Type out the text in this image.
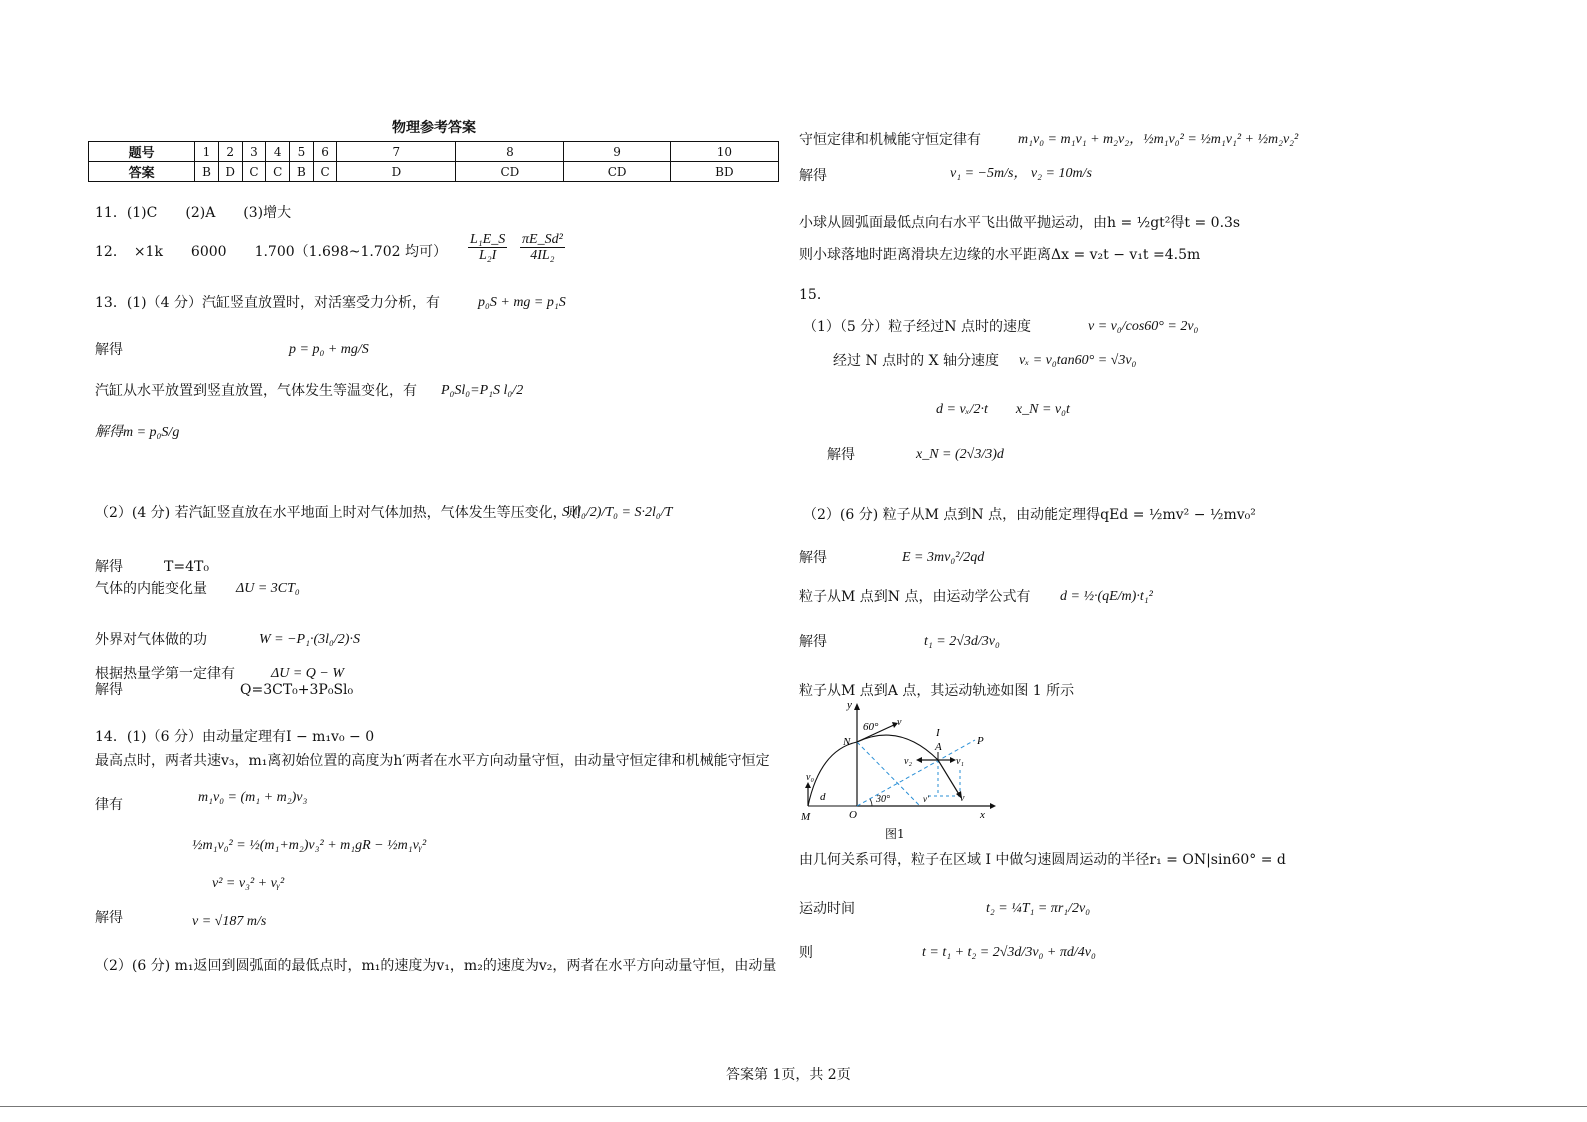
物理参考答案
题号	1	2	3	4	5	6	7	8	9	10
答案	B	D	C	C	B	C	D	CD	CD	BD
11．(1)C　　(2)A　　(3)增大
12．　×1k　　6000　　1.700（1.698~1.702 均可） $\frac{\text{L₁E\_S}}{\text{L₂I}} \frac{\text{πE\_Sd²}}{\text{4IL₂}}$
13．(1)（4 分）汽缸竖直放置时，对活塞受力分析，有	p₀S + mg = p₁S
解得	p = p₀ + mg/S
汽缸从水平放置到竖直放置，气体发生等温变化，有 P₀Sl₀=P₁S l₀/2
解得m = p₀S/g
（2）(4 分) 若汽缸竖直放在水平地面上时对气体加热，气体发生等压变化，则
S·(l₀/2)/T₀ = S·2l₀/T
解得	T=4T₀
气体的内能变化量 ΔU = 3CT₀
外界对气体做的功	W = −P₁·(3l₀/2)·S
根据热量学第一定律有	ΔU = Q − W
解得	Q=3CT₀+3P₀Sl₀
14．(1)（6 分）由动量定理有I − m₁v₀ − 0
最高点时，两者共速v₃，m₁离初始位置的高度为h′两者在水平方向动量守恒，由动量守恒定律和机械能守恒定
律有	m₁v₀ = (m₁ + m₂)v₃
½m₁v₀² = ½(m₁+m₂)v₃² + m₁gR − ½m₁vᵧ²
v² = v₃² + vᵧ²
解得	v = √187 m/s
（2）(6 分) m₁返回到圆弧面的最低点时，m₁的速度为v₁，m₂的速度为v₂，两者在水平方向动量守恒，由动量
守恒定律和机械能守恒定律有	m₁v₀ = m₁v₁ + m₂v₂，½m₁v₀² = ½m₁v₁² + ½m₂v₂²
解得	v₁ = −5m/s， v₂ = 10m/s
小球从圆弧面最低点向右水平飞出做平抛运动，由h = ½gt²得t = 0.3s
则小球落地时距离滑块左边缘的水平距离Δx = v₂t − v₁t =4.5m
15．
（1）（5 分）粒子经过N 点时的速度	v = v₀/cos60° = 2v₀
经过 N 点时的 X 轴分速度 vₓ = v₀tan60° = √3v₀
d = vₓ/2·t　　x_N = v₀t
解得	x_N = (2√3/3)d
（2）(6 分) 粒子从M 点到N 点，由动能定理得qEd = ½mv² − ½mv₀²
解得	E = 3mv₀²/2qd
粒子从M 点到N 点，由运动学公式有 d = ½·(qE/m)·t₁²
解得	t₁ = 2√3d/3v₀
粒子从M 点到A 点，其运动轨迹如图 1 所示
y
x
O
M
N	A	P
d
v
v₀
v₂	v₁
v′	v
60°
30°
I
图1
由几何关系可得，粒子在区域 I 中做匀速圆周运动的半径r₁ = ON|sin60° = d
运动时间	t₂ = ¼T₁ = πr₁/2v₀
则	t = t₁ + t₂ = 2√3d/3v₀ + πd/4v₀
答案第 1页，共 2页
